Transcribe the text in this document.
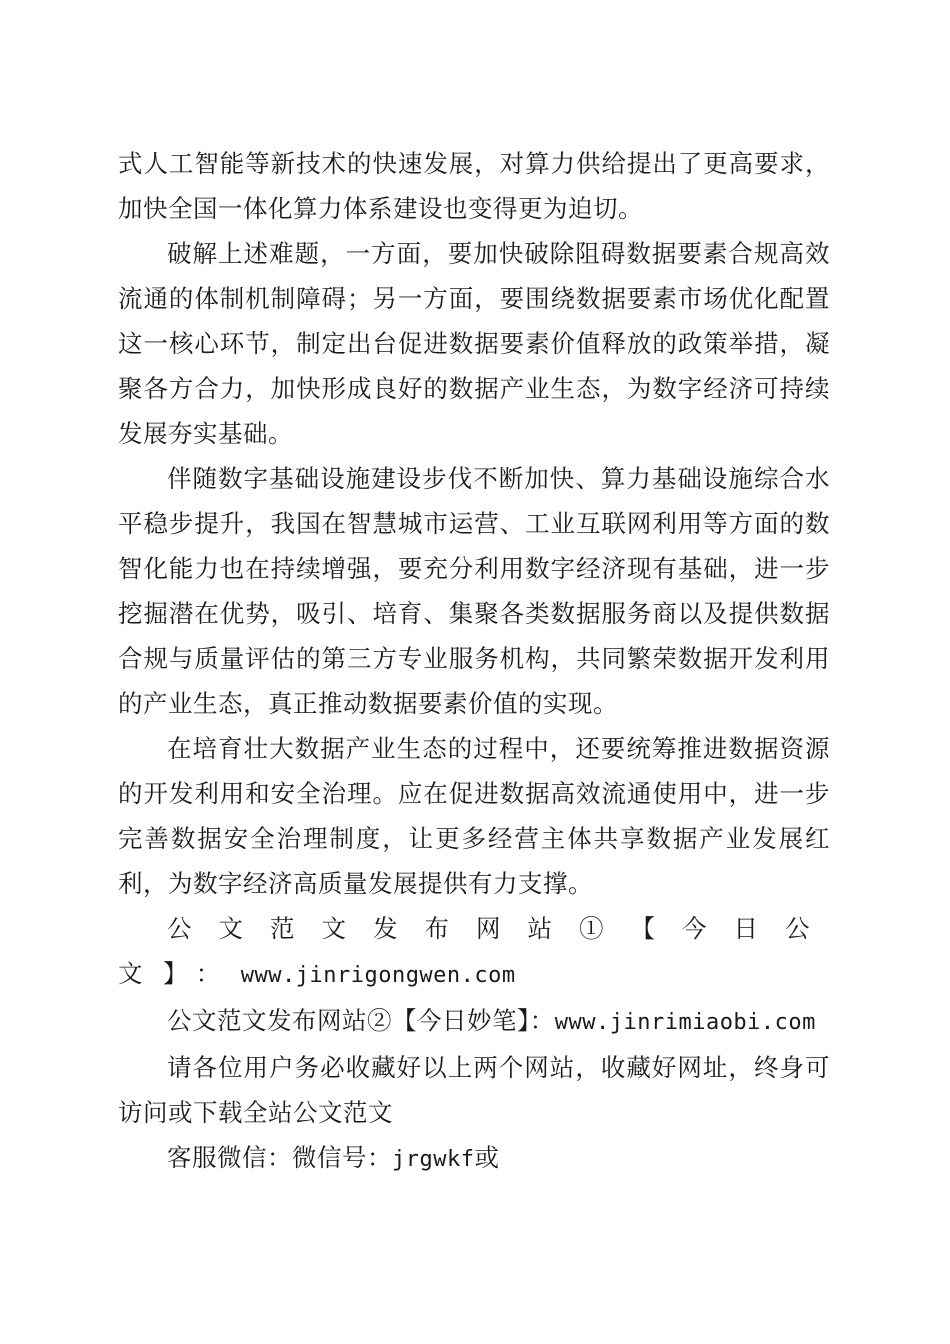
式人工智能等新技术的快速发展，对算力供给提出了更高要求，加快全国一体化算力体系建设也变得更为迫切。

破解上述难题，一方面，要加快破除阻碍数据要素合规高效流通的体制机制障碍；另一方面，要围绕数据要素市场优化配置这一核心环节，制定出台促进数据要素价值释放的政策举措，凝聚各方合力，加快形成良好的数据产业生态，为数字经济可持续发展夯实基础。

伴随数字基础设施建设步伐不断加快、算力基础设施综合水平稳步提升，我国在智慧城市运营、工业互联网利用等方面的数智化能力也在持续增强，要充分利用数字经济现有基础，进一步挖掘潜在优势，吸引、培育、集聚各类数据服务商以及提供数据合规与质量评估的第三方专业服务机构，共同繁荣数据开发利用的产业生态，真正推动数据要素价值的实现。

在培育壮大数据产业生态的过程中，还要统筹推进数据资源的开发利用和安全治理。应在促进数据高效流通使用中，进一步完善数据安全治理制度，让更多经营主体共享数据产业发展红利，为数字经济高质量发展提供有力支撑。

公文范文发布网站①【今日公文】：www.jinrigongwen.com

公文范文发布网站②【今日妙笔】：www.jinrimiaobi.com

请各位用户务必收藏好以上两个网站，收藏好网址，终身可访问或下载全站公文范文

客服微信：微信号：jrgwkf或
